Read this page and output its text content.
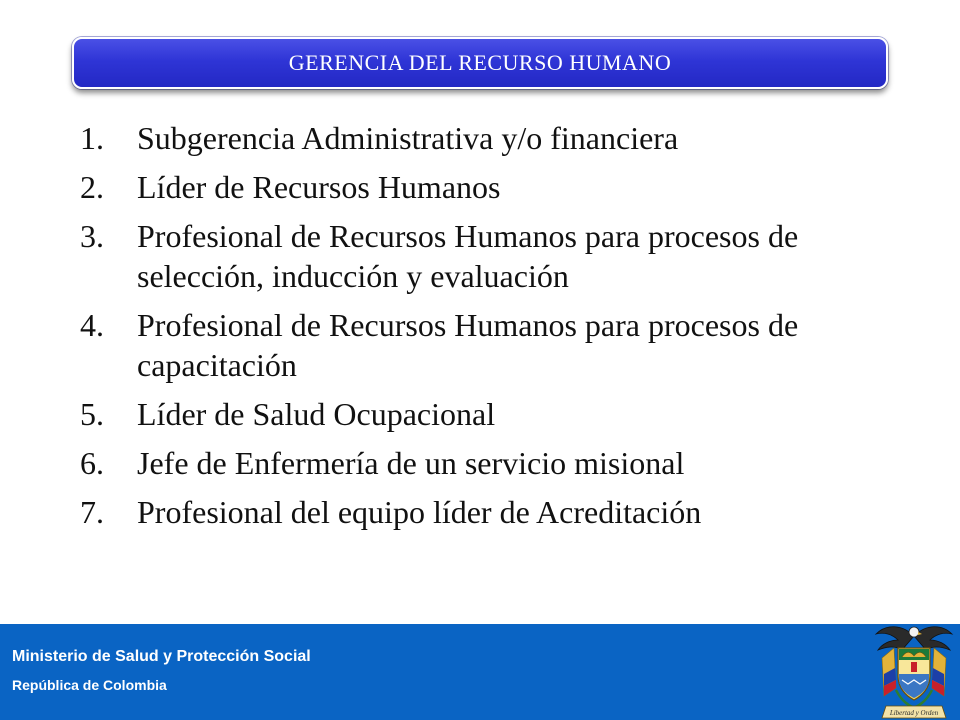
GERENCIA DEL RECURSO HUMANO
1.	Subgerencia Administrativa y/o financiera
2.	Líder de Recursos Humanos
3.	Profesional de Recursos Humanos para procesos de selección, inducción y evaluación
4.	Profesional de Recursos Humanos para procesos de capacitación
5.	Líder de Salud Ocupacional
6.	Jefe de Enfermería de un servicio misional
7.	Profesional del equipo líder de Acreditación
Ministerio de Salud y Protección Social
República de Colombia
Libertad y Orden
